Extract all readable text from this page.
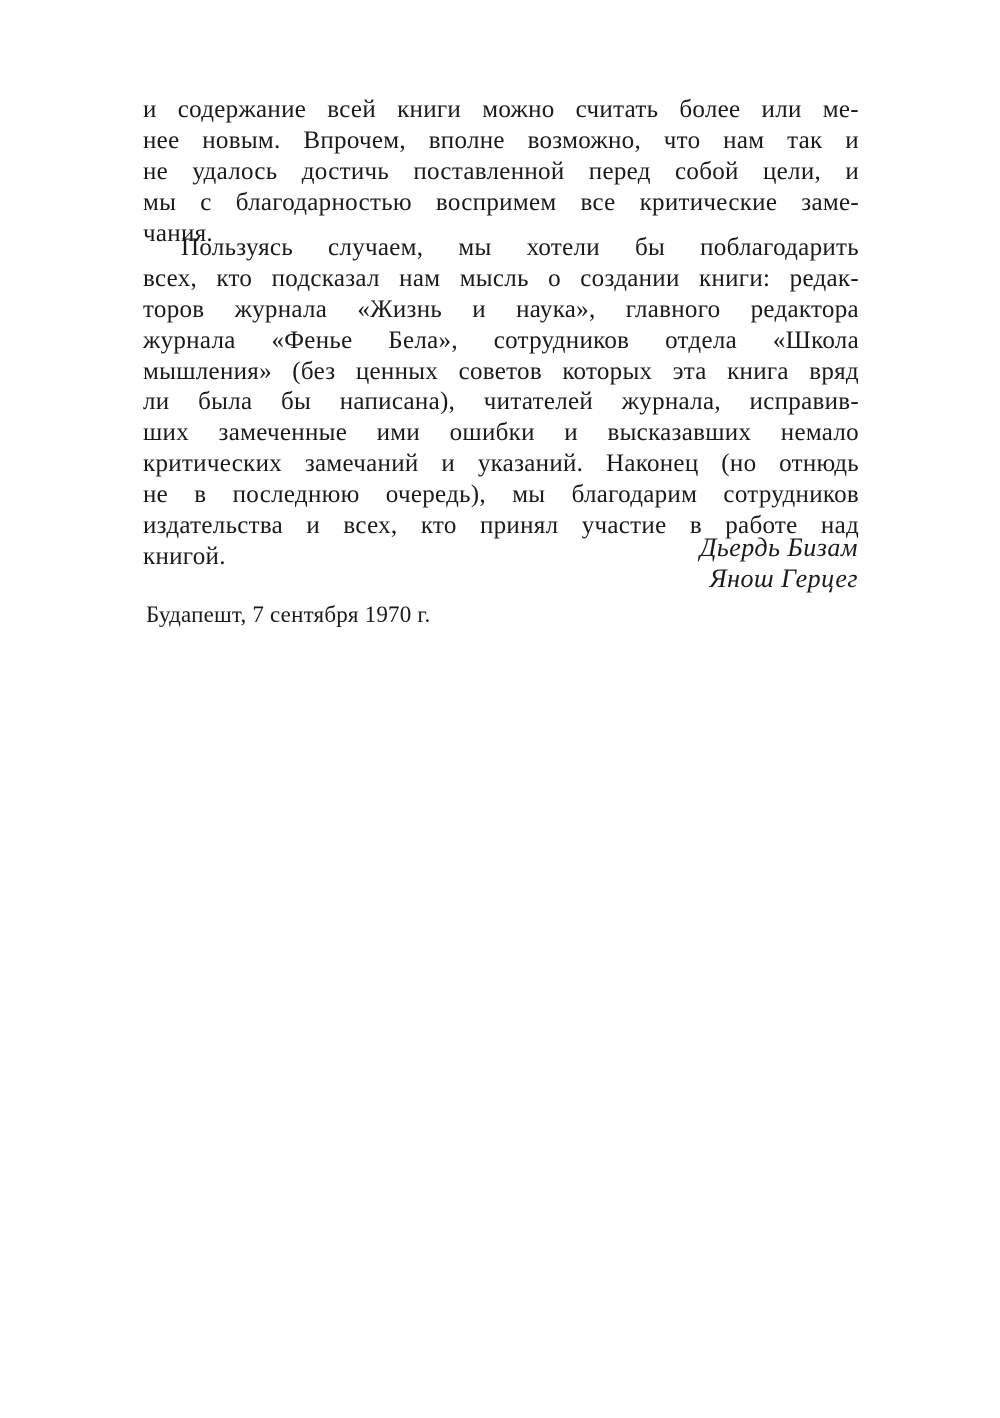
и содержание всей книги можно считать более или ме-
нее новым. Впрочем, вполне возможно, что нам так и
не удалось достичь поставленной перед собой цели, и
мы с благодарностью воспримем все критические заме-
чания.
Пользуясь случаем, мы хотели бы поблагодарить
всех, кто подсказал нам мысль о создании книги: редак-
торов журнала «Жизнь и наука», главного редактора
журнала «Фенье Бела», сотрудников отдела «Школа
мышления» (без ценных советов которых эта книга вряд
ли была бы написана), читателей журнала, исправив-
ших замеченные ими ошибки и высказавших немало
критических замечаний и указаний. Наконец (но отнюдь
не в последнюю очередь), мы благодарим сотрудников
издательства и всех, кто принял участие в работе над
книгой.	Дьердь Бизам
Янош Герцег
Будапешт, 7 сентября 1970 г.
